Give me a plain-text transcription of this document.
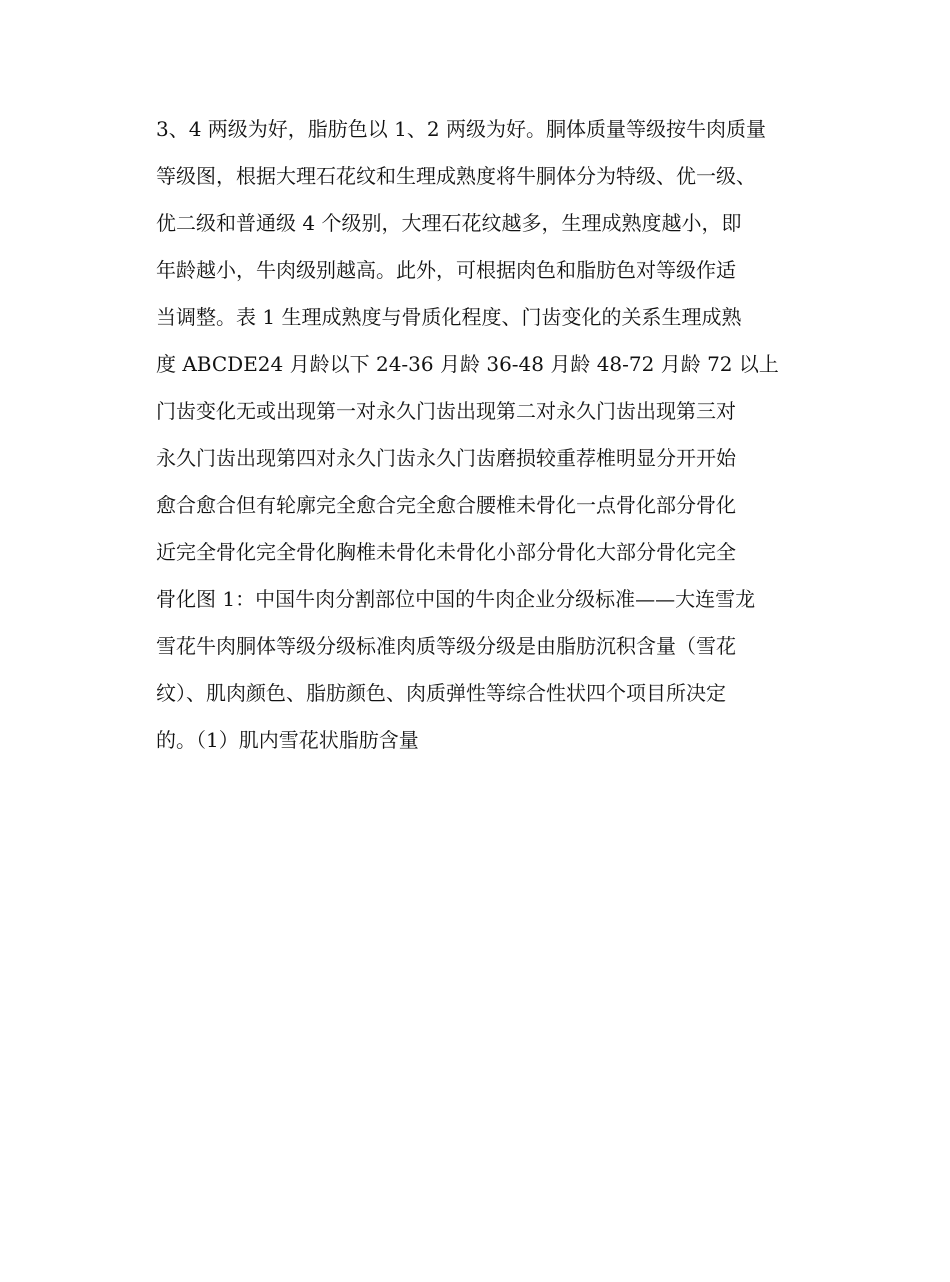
3、4 两级为好，脂肪色以 1、2 两级为好。胴体质量等级按牛肉质量
等级图，根据大理石花纹和生理成熟度将牛胴体分为特级、优一级、
优二级和普通级 4 个级别，大理石花纹越多，生理成熟度越小，即
年龄越小，牛肉级别越高。此外，可根据肉色和脂肪色对等级作适
当调整。表 1 生理成熟度与骨质化程度、门齿变化的关系生理成熟
度 ABCDE24 月龄以下 24-36 月龄 36-48 月龄 48-72 月龄 72 以上
门齿变化无或出现第一对永久门齿出现第二对永久门齿出现第三对
永久门齿出现第四对永久门齿永久门齿磨损较重荐椎明显分开开始
愈合愈合但有轮廓完全愈合完全愈合腰椎未骨化一点骨化部分骨化
近完全骨化完全骨化胸椎未骨化未骨化小部分骨化大部分骨化完全
骨化图 1：中国牛肉分割部位中国的牛肉企业分级标准——大连雪龙
雪花牛肉胴体等级分级标准肉质等级分级是由脂肪沉积含量（雪花
纹）、肌肉颜色、脂肪颜色、肉质弹性等综合性状四个项目所决定
的。（1）肌内雪花状脂肪含量
